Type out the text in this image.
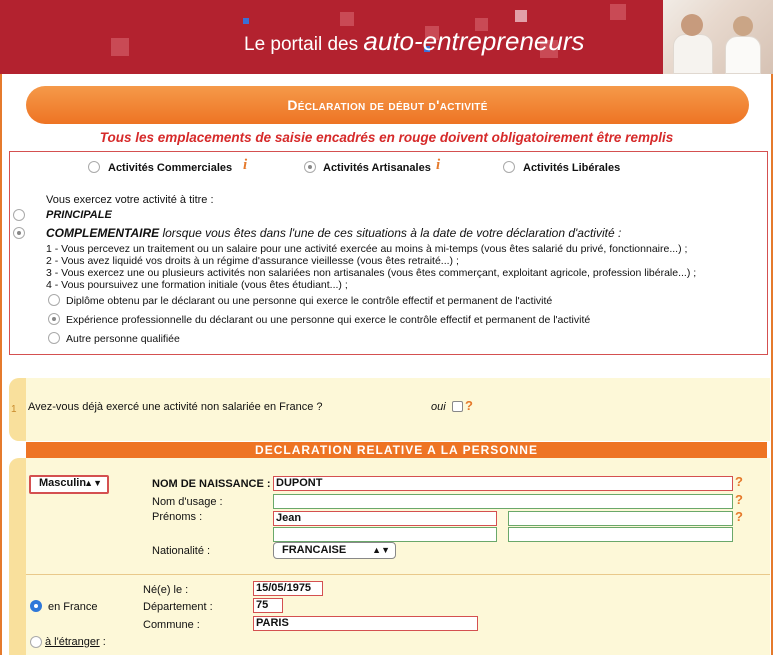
Le portail des auto-entrepreneurs
Déclaration de début d'activité
Tous les emplacements de saisie encadrés en rouge doivent obligatoirement être remplis
Activités Commerciales i	Activités Artisanales i	Activités Libérales
Vous exercez votre activité à titre :
PRINCIPALE
COMPLEMENTAIRE lorsque vous êtes dans l'une de ces situations à la date de votre déclaration d'activité :
1 - Vous percevez un traitement ou un salaire pour une activité exercée au moins à mi-temps (vous êtes salarié du privé, fonctionnaire...) ;
2 - Vous avez liquidé vos droits à un régime d'assurance vieillesse (vous êtes retraité...) ;
3 - Vous exercez une ou plusieurs activités non salariées non artisanales (vous êtes commerçant, exploitant agricole, profession libérale...) ;
4 - Vous poursuivez une formation initiale (vous êtes étudiant...) ;
Diplôme obtenu par le déclarant ou une personne qui exerce le contrôle effectif et permanent de l'activité
Expérience professionnelle du déclarant ou une personne qui exerce le contrôle effectif et permanent de l'activité
Autre personne qualifiée
1 Avez-vous déjà exercé une activité non salariée en France ?	oui ?
DECLARATION RELATIVE A LA PERSONNE
Masculin
▲▼	NOM DE NAISSANCE : DUPONT	?
Nom d'usage :	?
Prénoms :	Jean	?
Nationalité :	FRANCAISE	▲▼
Né(e) le :	15/05/1975
en France	Département :	75
Commune :	PARIS
à l'étranger :
